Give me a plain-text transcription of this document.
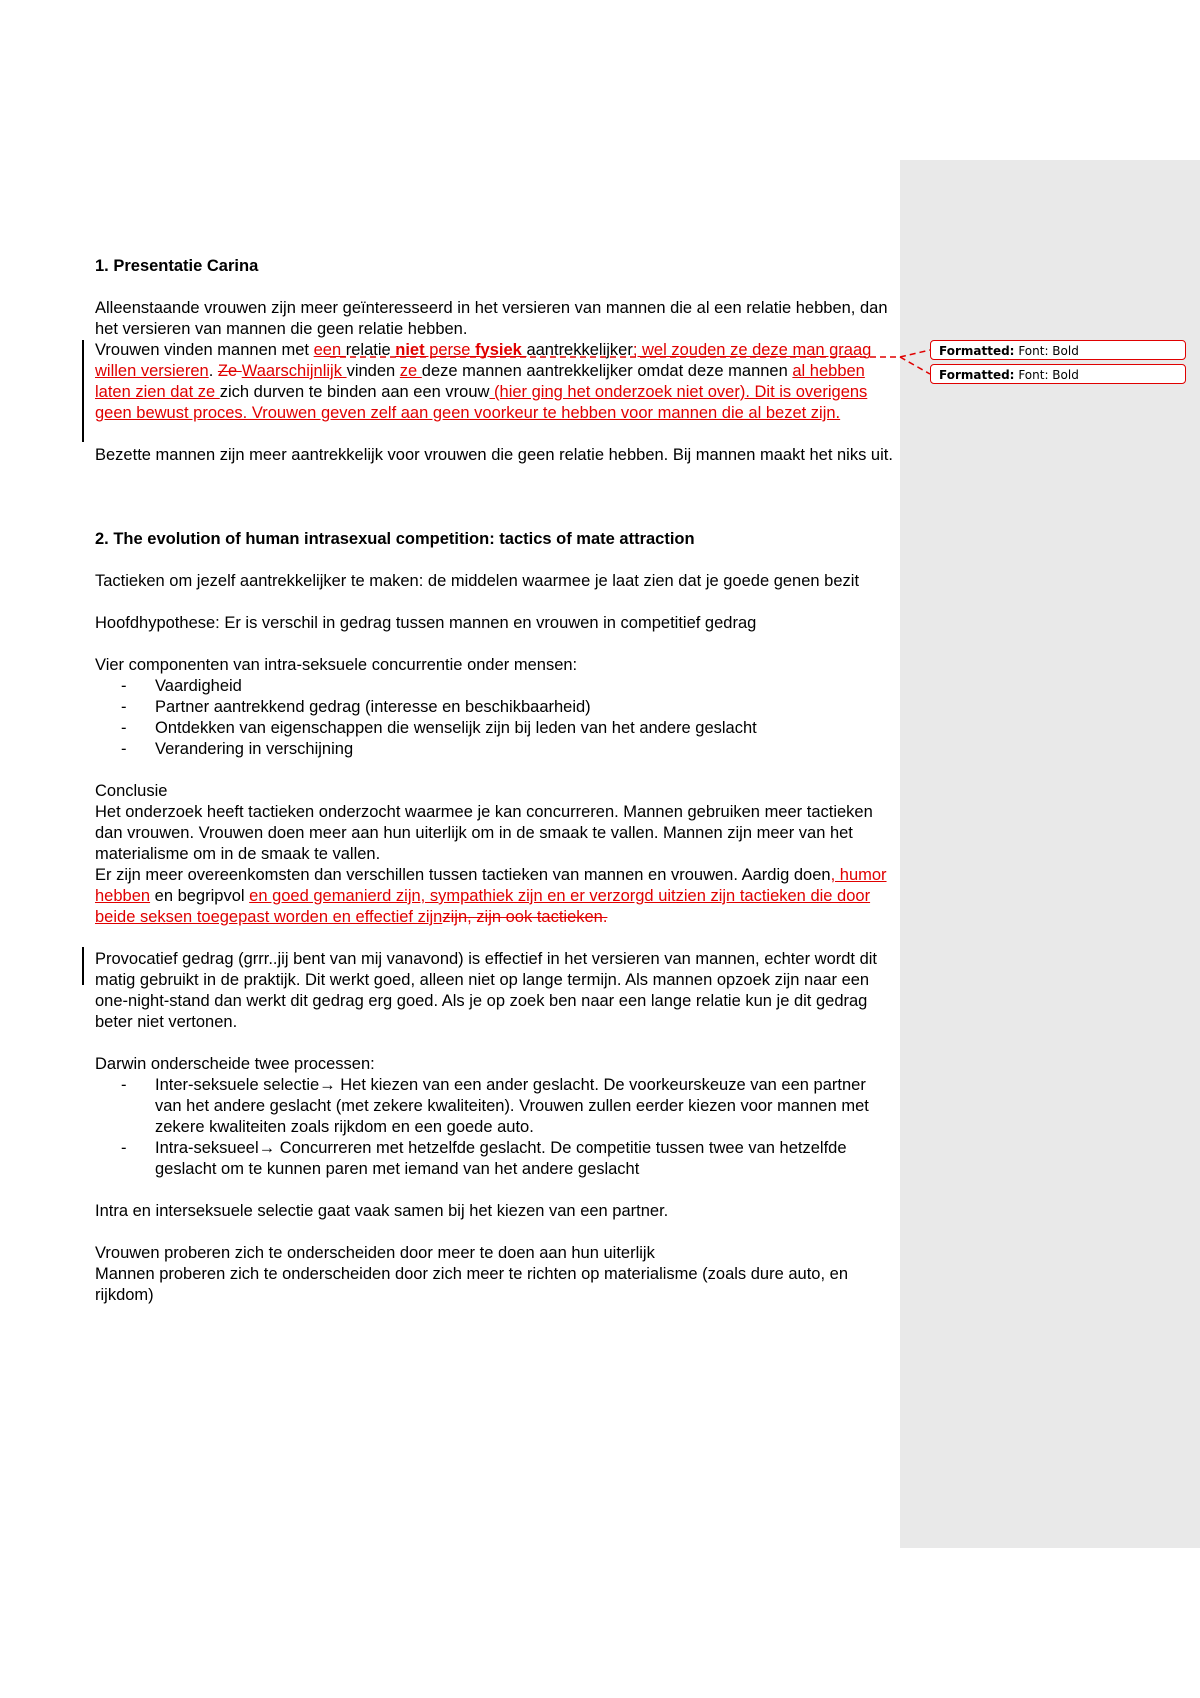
Formatted: Font: Bold
Formatted: Font: Bold
1. Presentatie Carina

Alleenstaande vrouwen zijn meer geïnteresseerd in het versieren van mannen die al een relatie hebben, dan het versieren van mannen die geen relatie hebben.

Vrouwen vinden mannen met een relatie niet perse fysiek aantrekkelijker; wel zouden ze deze man graag willen versieren. Ze Waarschijnlijk vinden ze deze mannen aantrekkelijker omdat deze mannen al hebben laten zien dat ze zich durven te binden aan een vrouw (hier ging het onderzoek niet over). Dit is overigens geen bewust proces. Vrouwen geven zelf aan geen voorkeur te hebben voor mannen die al bezet zijn.

Bezette mannen zijn meer aantrekkelijk voor vrouwen die geen relatie hebben. Bij mannen maakt het niks uit.

2. The evolution of human intrasexual competition: tactics of mate attraction

Tactieken om jezelf aantrekkelijker te maken: de middelen waarmee je laat zien dat je goede genen bezit

Hoofdhypothese: Er is verschil in gedrag tussen mannen en vrouwen in competitief gedrag

Vier componenten van intra-seksuele concurrentie onder mensen:

- Vaardigheid
- Partner aantrekkend gedrag (interesse en beschikbaarheid)
- Ontdekken van eigenschappen die wenselijk zijn bij leden van het andere geslacht
- Verandering in verschijning

Conclusie

Het onderzoek heeft tactieken onderzocht waarmee je kan concurreren. Mannen gebruiken meer tactieken dan vrouwen. Vrouwen doen meer aan hun uiterlijk om in de smaak te vallen. Mannen zijn meer van het materialisme om in de smaak te vallen.

Er zijn meer overeenkomsten dan verschillen tussen tactieken van mannen en vrouwen. Aardig doen, humor hebben en begripvol en goed gemanierd zijn, sympathiek zijn en er verzorgd uitzien zijn tactieken die door beide seksen toegepast worden en effectief zijnzijn, zijn ook tactieken.

Provocatief gedrag (grrr..jij bent van mij vanavond) is effectief in het versieren van mannen, echter wordt dit matig gebruikt in de praktijk. Dit werkt goed, alleen niet op lange termijn. Als mannen opzoek zijn naar een one-night-stand dan werkt dit gedrag erg goed. Als je op zoek ben naar een lange relatie kun je dit gedrag beter niet vertonen.

Darwin onderscheide twee processen:

- Inter-seksuele selectie→ Het kiezen van een ander geslacht. De voorkeurskeuze van een partner van het andere geslacht (met zekere kwaliteiten). Vrouwen zullen eerder kiezen voor mannen met zekere kwaliteiten zoals rijkdom en een goede auto.
- Intra-seksueel→ Concurreren met hetzelfde geslacht. De competitie tussen twee van hetzelfde geslacht om te kunnen paren met iemand van het andere geslacht

Intra en interseksuele selectie gaat vaak samen bij het kiezen van een partner.

Vrouwen proberen zich te onderscheiden door meer te doen aan hun uiterlijk

Mannen proberen zich te onderscheiden door zich meer te richten op materialisme (zoals dure auto, en rijkdom)
